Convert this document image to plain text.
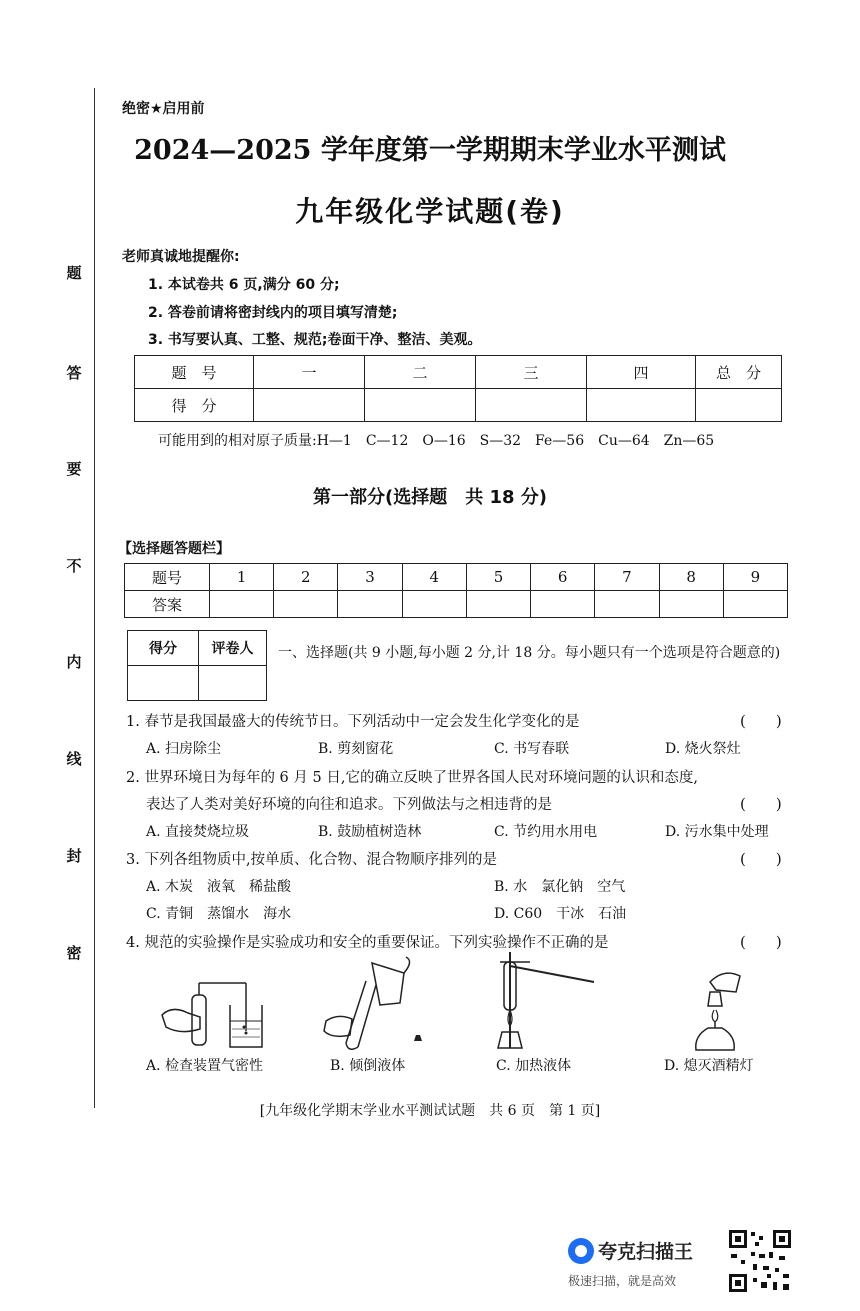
题
答
要
不
内
线
封
密
绝密★启用前
2024—2025 学年度第一学期期末学业水平测试
九年级化学试题(卷)
老师真诚地提醒你:
1. 本试卷共 6 页,满分 60 分;
2. 答卷前请将密封线内的项目填写清楚;
3. 书写要认真、工整、规范;卷面干净、整洁、美观。
题　号	一	二	三	四	总　分
得　分					
可能用到的相对原子质量:H—1　C—12　O—16　S—32　Fe—56　Cu—64　Zn—65
第一部分(选择题　共 18 分)
【选择题答题栏】
题号	1	2	3	4	5	6	7	8	9
答案									
得分	评卷人
	一、选择题(共 9 小题,每小题 2 分,计 18 分。每小题只有一个选项是符合题意的)
1. 春节是我国最盛大的传统节日。下列活动中一定会发生化学变化的是	(　　)
A. 扫房除尘	B. 剪刻窗花	C. 书写春联	D. 烧火祭灶
2. 世界环境日为每年的 6 月 5 日,它的确立反映了世界各国人民对环境问题的认识和态度,
表达了人类对美好环境的向往和追求。下列做法与之相违背的是	(　　)
A. 直接焚烧垃圾	B. 鼓励植树造林	C. 节约用水用电	D. 污水集中处理
3. 下列各组物质中,按单质、化合物、混合物顺序排列的是	(　　)
A. 木炭　液氧　稀盐酸	B. 水　氯化钠　空气
C. 青铜　蒸馏水　海水	D. C60　干冰　石油
4. 规范的实验操作是实验成功和安全的重要保证。下列实验操作不正确的是	(　　)
A. 检查装置气密性	B. 倾倒液体	C. 加热液体	D. 熄灭酒精灯
[九年级化学期末学业水平测试试题　共 6 页　第 1 页]
夸克扫描王
极速扫描，就是高效
